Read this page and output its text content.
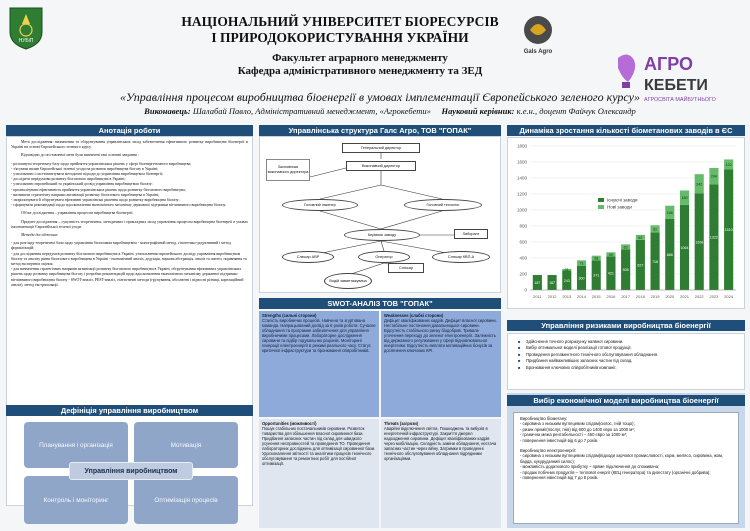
НУБіП
НАЦІОНАЛЬНИЙ УНІВЕРСИТЕТ БІОРЕСУРСІВ
І ПРИРОДОКОРИСТУВАННЯ УКРАЇНИ
Факультет аграрного менеджменту
Кафедра адміністративного менеджменту та ЗЕД
Gals Agro
АГРО
КЕБЕТИ
АГРОСВІТА МАЙБУТНЬОГО
«Управління процесом виробництва біоенергії в умовах імплементації Європейського зеленого курсу»
Виконавець: Шалабай Павло, Адміністративний менеджмент, «Агрокебети» Науковий керівник: к.е.н., доцент Файчук Олександр
Анотація роботи

Мета дослідження: визначення та обґрунтування управлінських засад забезпечення ефективного розвитку виробництва біоенергії в Україні на основі Європейського зеленого курсу.

Відповідно до поставленої мети були визначені такі основні завдання :

- розглянути теоретичну базу щодо прийняття управлінських рішень у сфері біоенергетичного виробництва;
- з'ясувати вплив Європейської зеленої угоди на розвиток виробництва біогазу в Україні;
- узагальнити і систематизувати методичні підходи до управління виробництвом біоенергії;
- дослідити передумови розвитку біогазового виробництва в Україні;
- узагальнити європейський та український досвід управління виробництвом біогазу;
- проаналізувати ефективність прийняття управлінських рішень щодо розвитку біогазового виробництва;
- визначити стратегічну напрями активізації розвитку біогазового виробництва в Україні;
- запропонувати й обґрунтувати ефективні управлінські рішення щодо розвитку виробництва біогазу;
- сформувати рекомендації щодо вдосконалення економічного механізму державної підтримки вітчизняного виробництва біогазу.

Об'єкт дослідження – управління процесом виробництва біоенергії.

Предмет дослідження – сукупність теоретичних, методичних і прикладних засад управління процесом виробництва біоенергії в умовах імплементації Європейської зеленої угоди.

Методи дослідження:

- для розгляду теоретичної бази щодо управління біогазовим виробництвом - монографічний метод, гіпотетико-дедуктивний і метод формалізацій;
- для дослідження передумов розвитку біогазового виробництва в Україні, узагальнення європейського досвіду управління виробництвом біогазу та аналізу рівня біогазового виробництва в Україні - економічний аналіз, дедукція, наукова абстракція, аналіз та синтез, порівняння та метод експертних оцінок;
- для визначення стратегічних напрямів активізації розвитку біогазового виробництва в Україні, обґрунтування ефективних управлінських рішень щодо розвитку виробництва біогазу і розробки рекомендацій щодо вдосконалення економічного механізму державної підтримки вітчизняного виробництва біогазу - SWOT-аналіз, PEST-аналіз, статистичні методи (групування, абсолютні і відносні різниці, кореляційний аналіз), метод екстраполяції.
Дефініція управління виробництвом
Планування і організація	Мотивація
Контроль і моніторинг	Оптимізація процесів
Управління виробництвом
Управлінська структура Галс Агро, ТОВ "ГОПАК"
Генеральний директор
Виконавчий директор
Засновники виконавчого директора
Головний інженер	Головний технолог
Керівник заводу	Лаборант
Оператор
Слюсар АВР	Слюсар КВП-А
Водій завантажувача
Слюсар
SWOT-АНАЛІЗ ТОВ "ГОПАК"
Strengths (сильні сторони)
Сталість виробничих процесів. Навчена та згуртована команда. Напрацьований досвід за 6 років роботи. Сучасне обладнання та програмне забезпечення для управління виробничими процесами. Лабораторне дослідження сировини та підбір годувальних раціонів. Моніторинг генерації електроенергії в режимі реального часу. Статус критичної інфраструктури та бронювання співробітників.
Weaknesses (слабкі сторони)
Дефіцит кваліфікованих кадрів. Дефіцит власної сировини. Нестабільне постачання давальницької сировини. Відсутність стабільного ринку біодобрив. Тривале уточнення переходу до зеленої електроенергії. Залежність від державного регулювання у сфері відновлювальної енергетики. Відсутність виплати мотиваційних бонусів за досягнення ключових КРІ.
Opportunities (можливості)
Пошук стабільних постачальників сировини. Розвиток товариства для збільшення власної сировинної бази. Придбання запасних частин під склад для швидкого усунення несправностей та проведення ТО. Проведення лабораторних досліджень для оптимізації сировинної бази. Удосконалення звітності та аналітики процесів технічного обслуговування та ремонтних робіт для постійної оптимізації.
Threats (загрози)
Аварійні відключення світла. Пошкоджень та вибухів в енергетичній інфраструктурі. Закриття джерел надходження сировини. Дефіцит кваліфікованих кадрів через мобілізацію. Складність заміни обладнання, нестача запасних частин через війну. Затримки в проведенні технічного обслуговування обладнання підрядними організаціями.
Динаміка зростання кількості біометанових заводів в ЄС
0
200
400
600
800
1000
1200
1400
1600
1800
187
2011
187
2012
243
21
2013
300
71
2014
371
58
2015
421
50
2016
508
62
2017
627
62
2018
718
91
2019
888
166
2020
1064
180
2021
1206
242
2022
1322
204
2023
1510
122
2024
Існуючі заводи
Нові заводи
Управління ризиками виробництва біоенергії
■ Здійснення точного розрахунку наявної сировини.
■ Вибір оптимальної моделі реалізації готової продукції.
■ Проведення регламентного технічного обслуговування обладнання.
■ Придбання найважливіших запасних частин під склад.
■ Бронювання ключових співробітників компанії.
Вибір економічної моделі виробництва біоенергії
Виробництво біометану:
- сировина з низьким вуглецевим слідом(силос, гній тощо);
- ризик премії(послуг, гнів) від 600 до 1400 євро за 1000 м³;
- гранична межа рентабельності – 450 євро за 1000 м³;
- повернення інвестицій від 6 до 7 років.
Виробництво електроенергії:
- сировина з низьким вуглецевим слідом(відходи харчової промисловості, корм, мелясо, сировина, жом, барда, кукурудзяний силос);
- можливість додаткового прибутку – пряме підключення до споживача;
- продаж побічних продуктів – теплової енергії (КЕЦ генератора) та дигестату (органічні добрива);
- повернення інвестицій від 7 до 8 років.
